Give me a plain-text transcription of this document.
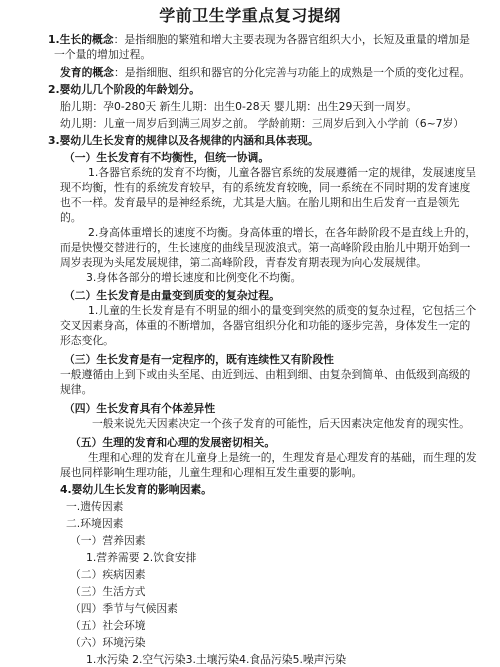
学前卫生学重点复习提纲
1.生长的概念：是指细胞的繁殖和增大主要表现为各器官组织大小，长短及重量的增加是一个量的增加过程。
发育的概念：是指细胞、组织和器官的分化完善与功能上的成熟是一个质的变化过程。
2.婴幼儿几个阶段的年龄划分。
胎儿期：孕0-280天 新生儿期：出生0-28天 婴儿期：出生29天到一周岁。
幼儿期：儿童一周岁后到满三周岁之前。 学龄前期：三周岁后到入小学前（6~7岁）
3.婴幼儿生长发育的规律以及各规律的内涵和具体表现。
（一）生长发育有不均衡性，但统一协调。
1.各器官系统的发育不均衡，儿童各器官系统的发展遵循一定的规律，发展速度呈现不均衡，性有的系统发育较早，有的系统发育较晚，同一系统在不同时期的发育速度也不一样。发育最早的是神经系统，尤其是大脑。在胎儿期和出生后发育一直是领先的。
2.身高体重增长的速度不均衡。身高体重的增长，在各年龄阶段不是直线上升的，而是快慢交替进行的，生长速度的曲线呈现波浪式。第一高峰阶段由胎儿中期开始到一周岁表现为头尾发展规律，第二高峰阶段，青春发育期表现为向心发展规律。
3.身体各部分的增长速度和比例变化不均衡。
（二）生长发育是由量变到质变的复杂过程。
1.儿童的生长发育是有不明显的细小的量变到突然的质变的复杂过程，它包括三个交叉因素身高，体重的不断增加，各器官组织分化和功能的逐步完善，身体发生一定的形态变化。
（三）生长发育是有一定程序的，既有连续性又有阶段性
一般遵循由上到下或由头至尾、由近到远、由粗到细、由复杂到简单、由低级到高级的规律。
（四）生长发育具有个体差异性
一般来说先天因素决定一个孩子发育的可能性，后天因素决定他发育的现实性。
（五）生理的发育和心理的发展密切相关。
生理和心理的发育在儿童身上是统一的，生理发育是心理发育的基础，而生理的发展也同样影响生理功能，儿童生理和心理相互发生重要的影响。
4.婴幼儿生长发育的影响因素。
一.遗传因素
二.环境因素
（一）营养因素
1.营养需要 2.饮食安排
（二）疾病因素
（三）生活方式
（四）季节与气候因素
（五）社会环境
（六）环境污染
1.水污染 2.空气污染3.土壤污染4.食品污染5.噪声污染
